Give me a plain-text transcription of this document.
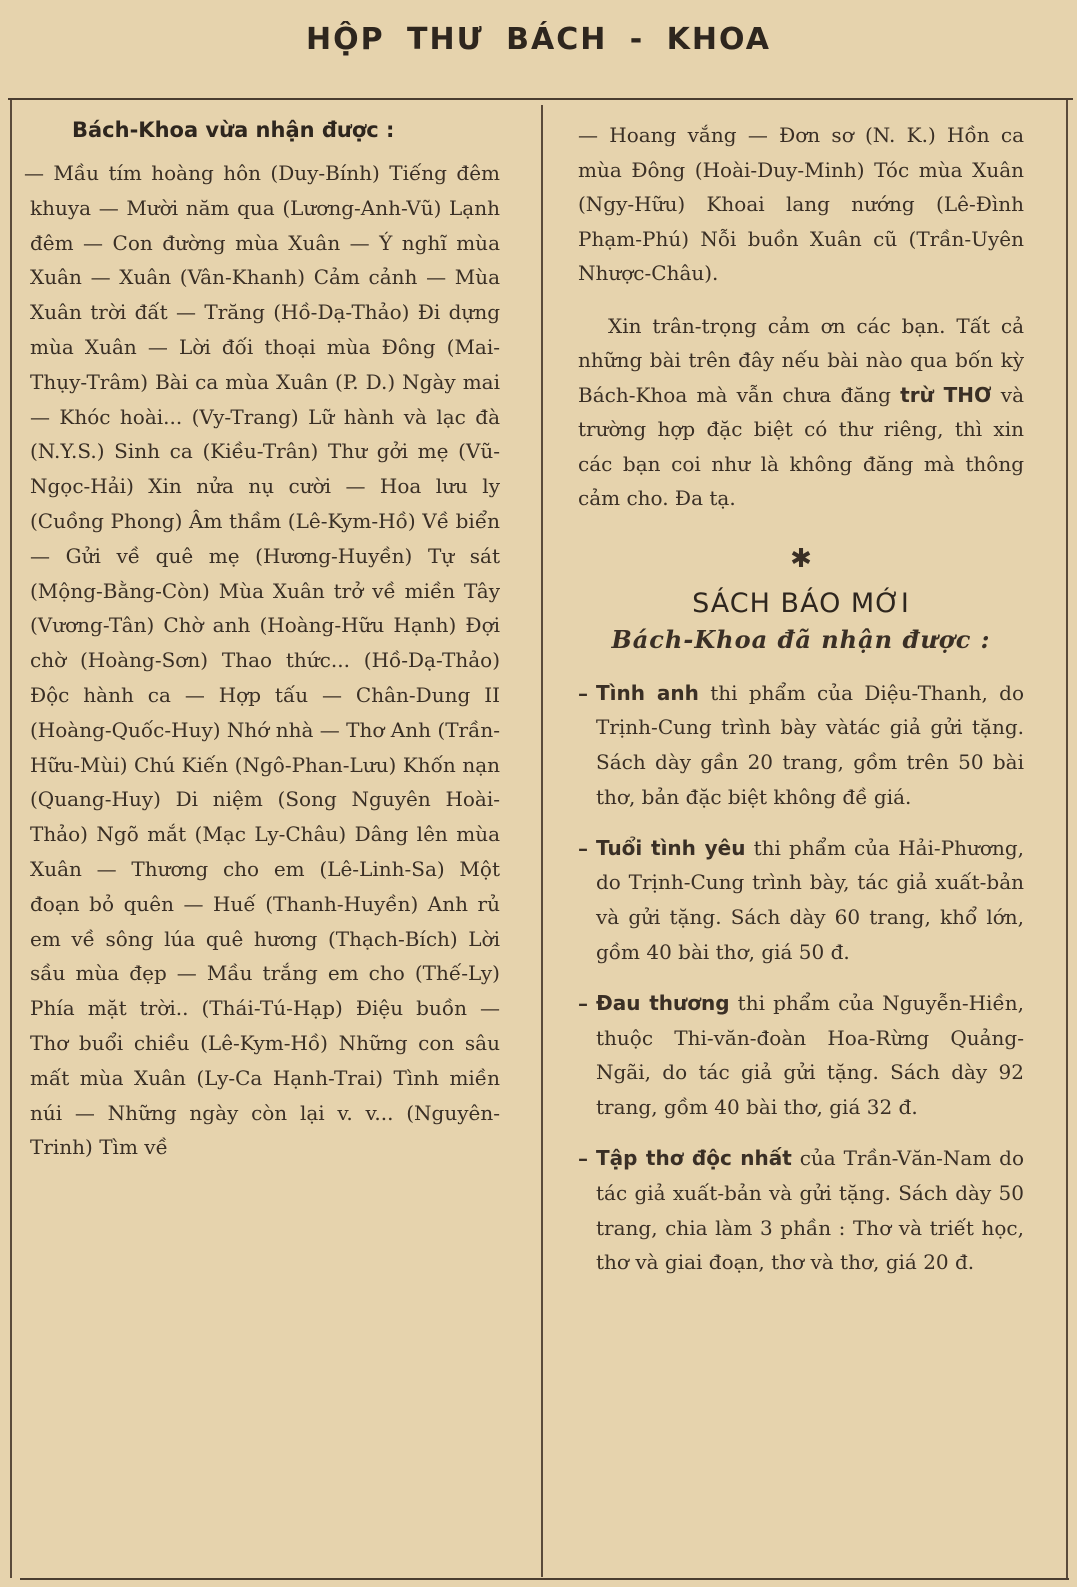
HỘP THƯ BÁCH - KHOA
Bách-Khoa vừa nhận được :

— Mầu tím hoàng hôn (Duy-Bính) Tiếng đêm khuya — Mười năm qua (Lương-Anh-Vũ) Lạnh đêm — Con đường mùa Xuân — Ý nghĩ mùa Xuân — Xuân (Vân-Khanh) Cảm cảnh — Mùa Xuân trời đất — Trăng (Hồ-Dạ-Thảo) Đi dựng mùa Xuân — Lời đối thoại mùa Đông (Mai-Thụy-Trâm) Bài ca mùa Xuân (P. D.) Ngày mai — Khóc hoài... (Vy-Trang) Lữ hành và lạc đà (N.Y.S.) Sinh ca (Kiều-Trân) Thư gởi mẹ (Vũ-Ngọc-Hải) Xin nửa nụ cười — Hoa lưu ly (Cuồng Phong) Âm thầm (Lê-Kym-Hồ) Về biển — Gửi về quê mẹ (Hương-Huyền) Tự sát (Mộng-Bằng-Còn) Mùa Xuân trở về miền Tây (Vương-Tân) Chờ anh (Hoàng-Hữu Hạnh) Đợi chờ (Hoàng-Sơn) Thao thức... (Hồ-Dạ-Thảo) Độc hành ca — Hợp tấu — Chân-Dung II (Hoàng-Quốc-Huy) Nhớ nhà — Thơ Anh (Trần-Hữu-Mùi) Chú Kiến (Ngô-Phan-Lưu) Khốn nạn (Quang-Huy) Di niệm (Song Nguyên Hoài-Thảo) Ngõ mắt (Mạc Ly-Châu) Dâng lên mùa Xuân — Thương cho em (Lê-Linh-Sa) Một đoạn bỏ quên — Huế (Thanh-Huyền) Anh rủ em về sông lúa quê hương (Thạch-Bích) Lời sầu mùa đẹp — Mầu trắng em cho (Thế-Ly) Phía mặt trời.. (Thái-Tú-Hạp) Điệu buồn — Thơ buổi chiều (Lê-Kym-Hồ) Những con sâu mất mùa Xuân (Ly-Ca Hạnh-Trai) Tình miền núi — Những ngày còn lại v. v... (Nguyên-Trinh) Tìm về

— Hoang vắng — Đơn sơ (N. K.) Hồn ca mùa Đông (Hoài-Duy-Minh) Tóc mùa Xuân (Ngy-Hữu) Khoai lang nướng (Lê-Đình Phạm-Phú) Nỗi buồn Xuân cũ (Trần-Uyên Nhược-Châu).

Xin trân-trọng cảm ơn các bạn. Tất cả những bài trên đây nếu bài nào qua bốn kỳ Bách-Khoa mà vẫn chưa đăng trừ THƠ và trường hợp đặc biệt có thư riêng, thì xin các bạn coi như là không đăng mà thông cảm cho. Đa tạ.

✱
SÁCH BÁO MỚI
Bách-Khoa đã nhận được :
– Tình anh thi phẩm của Diệu-Thanh, do Trịnh-Cung trình bày vàtác giả gửi tặng. Sách dày gần 20 trang, gồm trên 50 bài thơ, bản đặc biệt không đề giá.
– Tuổi tình yêu thi phẩm của Hải-Phương, do Trịnh-Cung trình bày, tác giả xuất-bản và gửi tặng. Sách dày 60 trang, khổ lớn, gồm 40 bài thơ, giá 50 đ.
– Đau thương thi phẩm của Nguyễn-Hiền, thuộc Thi-văn-đoàn Hoa-Rừng Quảng-Ngãi, do tác giả gửi tặng. Sách dày 92 trang, gồm 40 bài thơ, giá 32 đ.
– Tập thơ độc nhất của Trần-Văn-Nam do tác giả xuất-bản và gửi tặng. Sách dày 50 trang, chia làm 3 phần : Thơ và triết học, thơ và giai đoạn, thơ và thơ, giá 20 đ.
